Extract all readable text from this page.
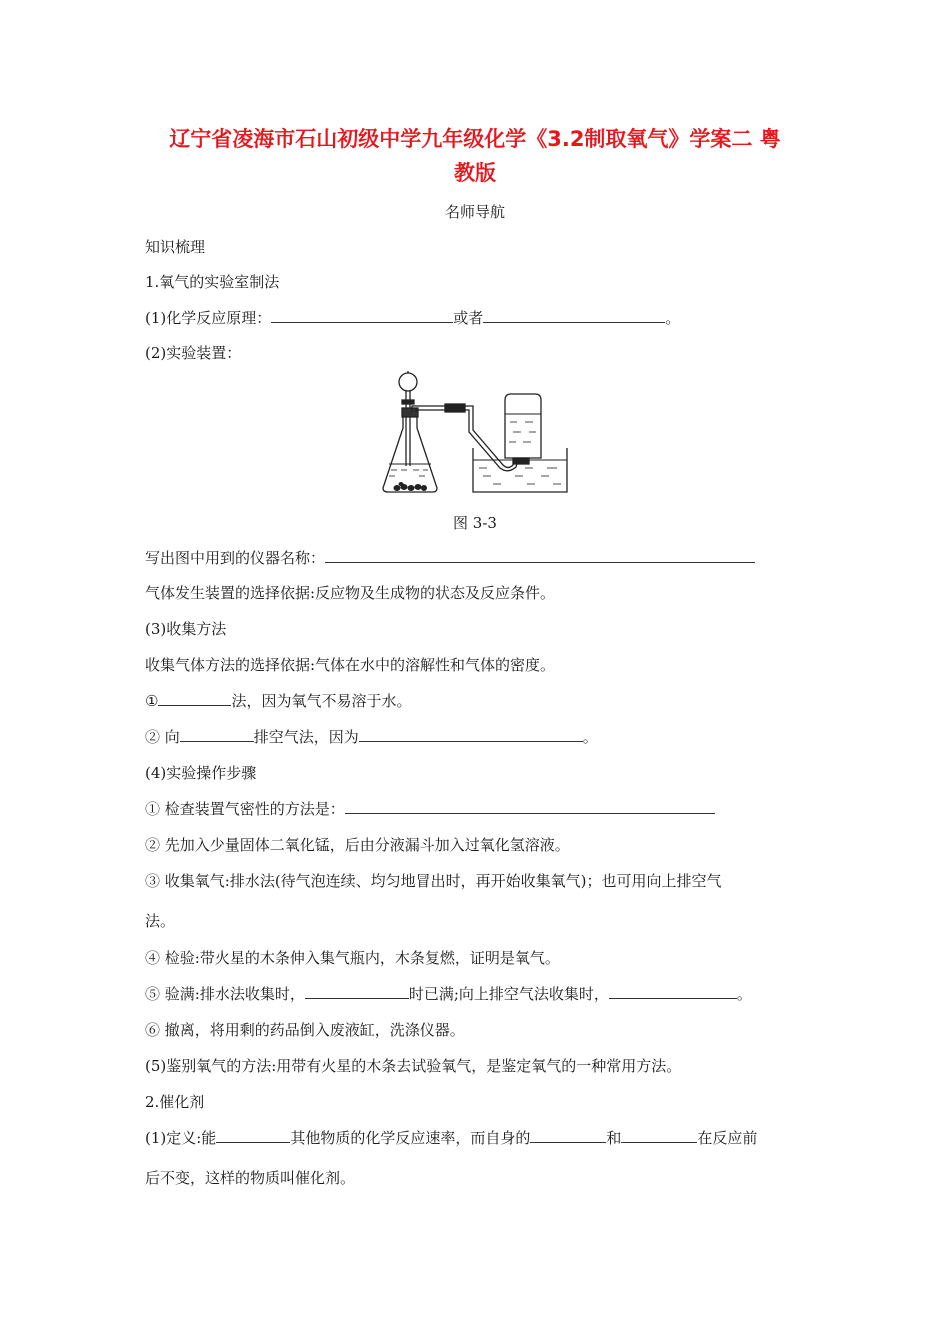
辽宁省凌海市石山初级中学九年级化学《3.2制取氧气》学案二 粤
教版
名师导航
知识梳理
1.氧气的实验室制法
(1)化学反应原理：	或者	。
(2)实验装置：
图 3-3
写出图中用到的仪器名称：
气体发生装置的选择依据:反应物及生成物的状态及反应条件。
(3)收集方法
收集气体方法的选择依据:气体在水中的溶解性和气体的密度。
①	法，因为氧气不易溶于水。
② 向	排空气法，因为	。
(4)实验操作步骤
① 检查装置气密性的方法是：
② 先加入少量固体二氧化锰，后由分液漏斗加入过氧化氢溶液。
③ 收集氧气:排水法(待气泡连续、均匀地冒出时，再开始收集氧气)；也可用向上排空气
法。
④ 检验:带火星的木条伸入集气瓶内，木条复燃，证明是氧气。
⑤ 验满:排水法收集时，	时已满;向上排空气法收集时，	。
⑥ 撤离，将用剩的药品倒入废液缸，洗涤仪器。
(5)鉴别氧气的方法:用带有火星的木条去试验氧气，是鉴定氧气的一种常用方法。
2.催化剂
(1)定义:能	其他物质的化学反应速率，而自身的	和	在反应前
后不变，这样的物质叫催化剂。
